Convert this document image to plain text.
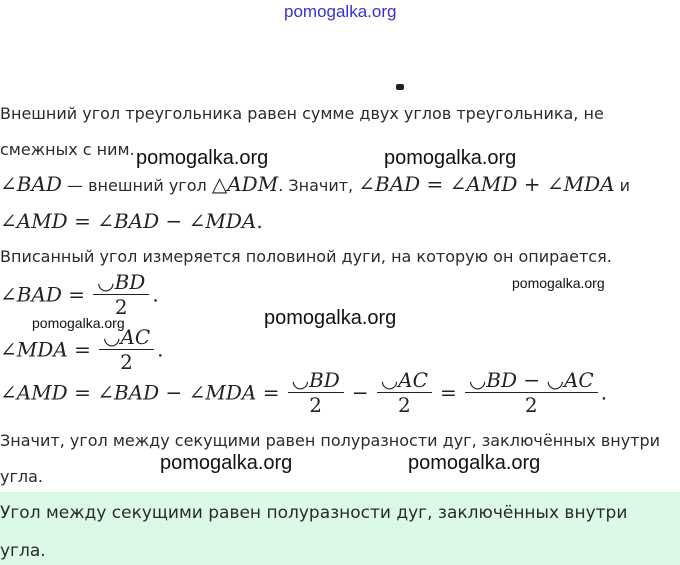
pomogalka.org
Внешний угол треугольника равен сумме двух углов треугольника, не
смежных с ним. pomogalka.org	pomogalka.org
∠BAD — внешний угол △ADM. Значит, ∠BAD = ∠AMD + ∠MDA и
∠AMD = ∠BAD − ∠MDA.
Вписанный угол измеряется половиной дуги, на которую он опирается.
∠BAD = $\frac{◡BD}{2}$ .	pomogalka.org
∠MDA = $\frac{◡AC}{2}$ .
pomogalka.org	pomogalka.org
∠AMD = ∠BAD − ∠MDA = $\frac{◡BD}{2} - \frac{◡AC}{2} = \frac{◡BD - ◡AC}{2}$ .
Значит, угол между секущими равен полуразности дуг, заключённых внутри
угла.
pomogalka.org	pomogalka.org
Угол между секущими равен полуразности дуг, заключённых внутри
угла.
